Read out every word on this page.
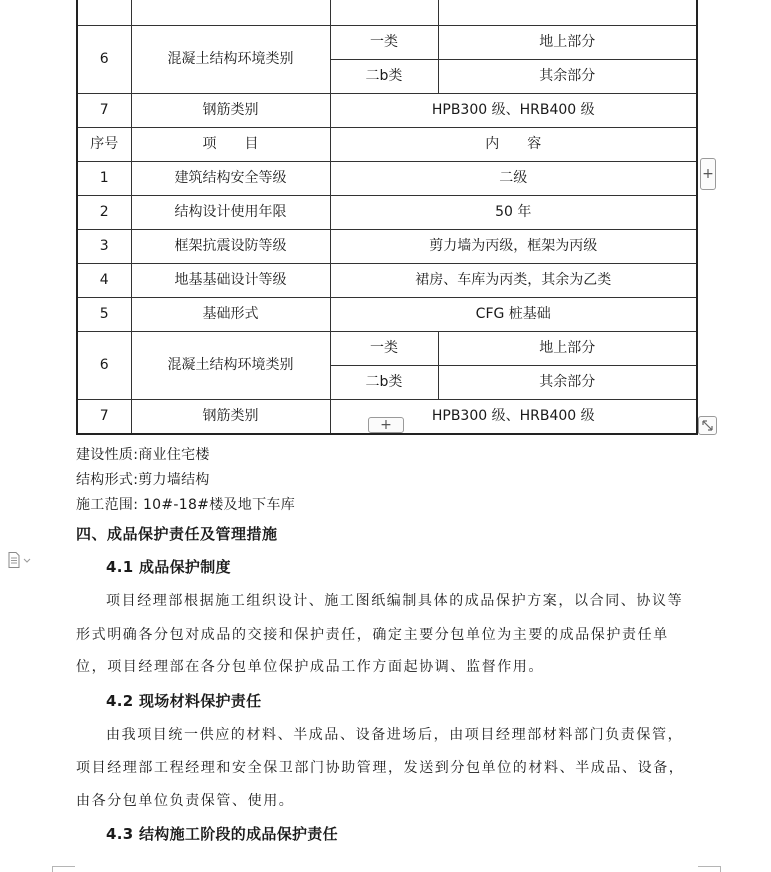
6	混凝土结构环境类别	一类	地上部分
		二b类	其余部分
7	钢筋类别	HPB300 级、HRB400 级	
序号	项　　目	内　　容	
1	建筑结构安全等级	二级	
2	结构设计使用年限	50 年	
3	框架抗震设防等级	剪力墙为丙级，框架为丙级	
4	地基基础设计等级	裙房、车库为丙类，其余为乙类	
5	基础形式	CFG 桩基础	
6	混凝土结构环境类别	一类	地上部分
		二b类	其余部分
7	钢筋类别	HPB300 级、HRB400 级	
+
+
建设性质:商业住宅楼
结构形式:剪力墙结构
施工范围: 10#-18#楼及地下车库
四、成品保护责任及管理措施
4.1 成品保护制度
项目经理部根据施工组织设计、施工图纸编制具体的成品保护方案，以合同、协议等
形式明确各分包对成品的交接和保护责任，确定主要分包单位为主要的成品保护责任单
位，项目经理部在各分包单位保护成品工作方面起协调、监督作用。
4.2 现场材料保护责任
由我项目统一供应的材料、半成品、设备进场后，由项目经理部材料部门负责保管，
项目经理部工程经理和安全保卫部门协助管理，发送到分包单位的材料、半成品、设备，
由各分包单位负责保管、使用。
4.3 结构施工阶段的成品保护责任
